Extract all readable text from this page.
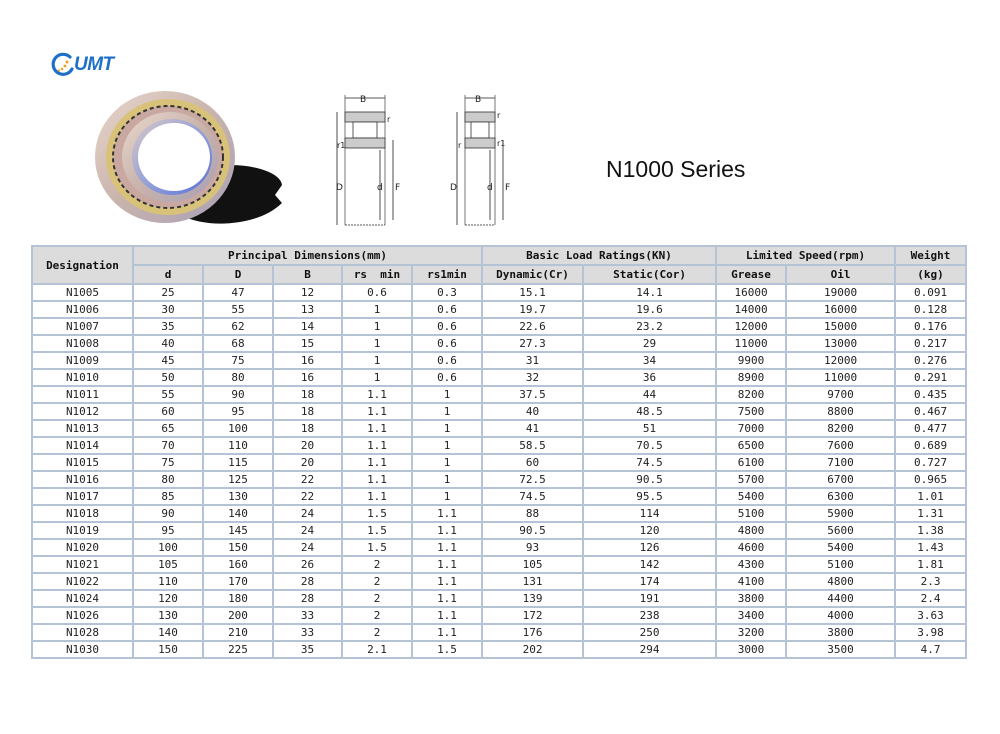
UMT
B
r
r1
D	d F
B
r
r	r1
D	d F
N1000 Series
Designation	Principal Dimensions(mm)					Basic Load Ratings(KN)		Limited Speed(rpm)		Weight
	d	D	B	rs  min	rs1min	Dynamic(Cr)	Static(Cor)	Grease	Oil	(kg)
N1005	25	47	12	0.6	0.3	15.1	14.1	16000	19000	0.091
N1006	30	55	13	1	0.6	19.7	19.6	14000	16000	0.128
N1007	35	62	14	1	0.6	22.6	23.2	12000	15000	0.176
N1008	40	68	15	1	0.6	27.3	29	11000	13000	0.217
N1009	45	75	16	1	0.6	31	34	9900	12000	0.276
N1010	50	80	16	1	0.6	32	36	8900	11000	0.291
N1011	55	90	18	1.1	1	37.5	44	8200	9700	0.435
N1012	60	95	18	1.1	1	40	48.5	7500	8800	0.467
N1013	65	100	18	1.1	1	41	51	7000	8200	0.477
N1014	70	110	20	1.1	1	58.5	70.5	6500	7600	0.689
N1015	75	115	20	1.1	1	60	74.5	6100	7100	0.727
N1016	80	125	22	1.1	1	72.5	90.5	5700	6700	0.965
N1017	85	130	22	1.1	1	74.5	95.5	5400	6300	1.01
N1018	90	140	24	1.5	1.1	88	114	5100	5900	1.31
N1019	95	145	24	1.5	1.1	90.5	120	4800	5600	1.38
N1020	100	150	24	1.5	1.1	93	126	4600	5400	1.43
N1021	105	160	26	2	1.1	105	142	4300	5100	1.81
N1022	110	170	28	2	1.1	131	174	4100	4800	2.3
N1024	120	180	28	2	1.1	139	191	3800	4400	2.4
N1026	130	200	33	2	1.1	172	238	3400	4000	3.63
N1028	140	210	33	2	1.1	176	250	3200	3800	3.98
N1030	150	225	35	2.1	1.5	202	294	3000	3500	4.7
